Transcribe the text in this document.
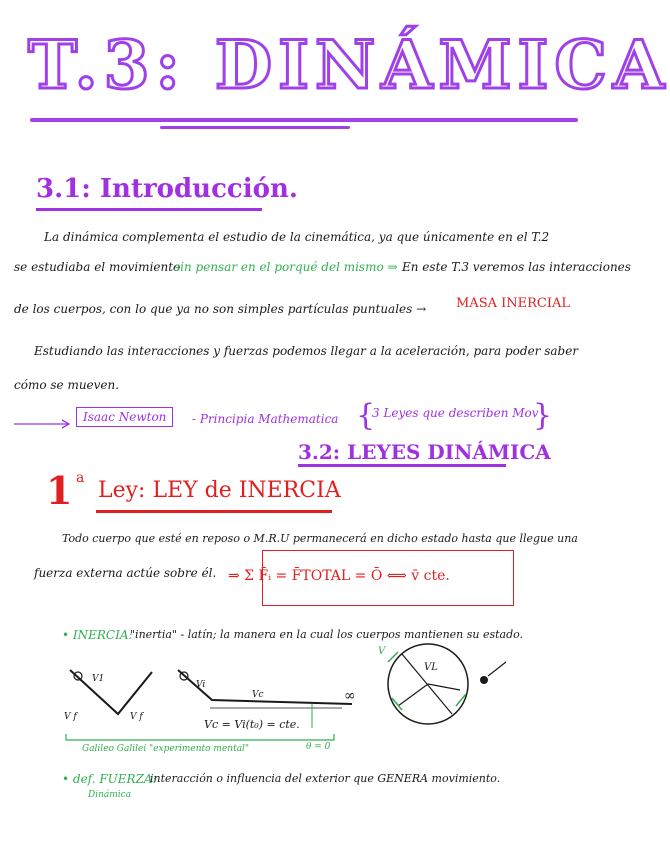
T.3: DINÁMICA
3.1: Introducción.
La dinámica complementa el estudio de la cinemática, ya que únicamente en el T.2
se estudiaba el movimiento
sin pensar en el porqué del mismo ⇒ En este T.3 veremos las interacciones
de los cuerpos, con lo que ya no son simples partículas puntuales → MASA INERCIAL
Estudiando las interacciones y fuerzas podemos llegar a la aceleración, para poder saber
cómo se mueven.
Isaac Newton	- Principia Mathematica {
3 Leyes que describen Mov
}
3.2: LEYES DINÁMICA
1 a Ley: LEY de INERCIA
Todo cuerpo que esté en reposo o M.R.U permanecerá en dicho estado hasta que llegue una
fuerza externa actúe sobre él. ⇒ Σ F̄ᵢ = F̄TOTAL = Ō ⟺ v̄ cte.
• INERCIA:
"inertia" - latín; la manera en la cual los cuerpos mantienen su estado.
V1
V f	V f
Vi
Vc	∞
Vc = Vi(t₀) = cte.
Galileo Galilei "experimento mental"	θ = 0
V
VL
• def. FUERZA:
Dinámica
interacción o influencia del exterior que GENERA movimiento.
